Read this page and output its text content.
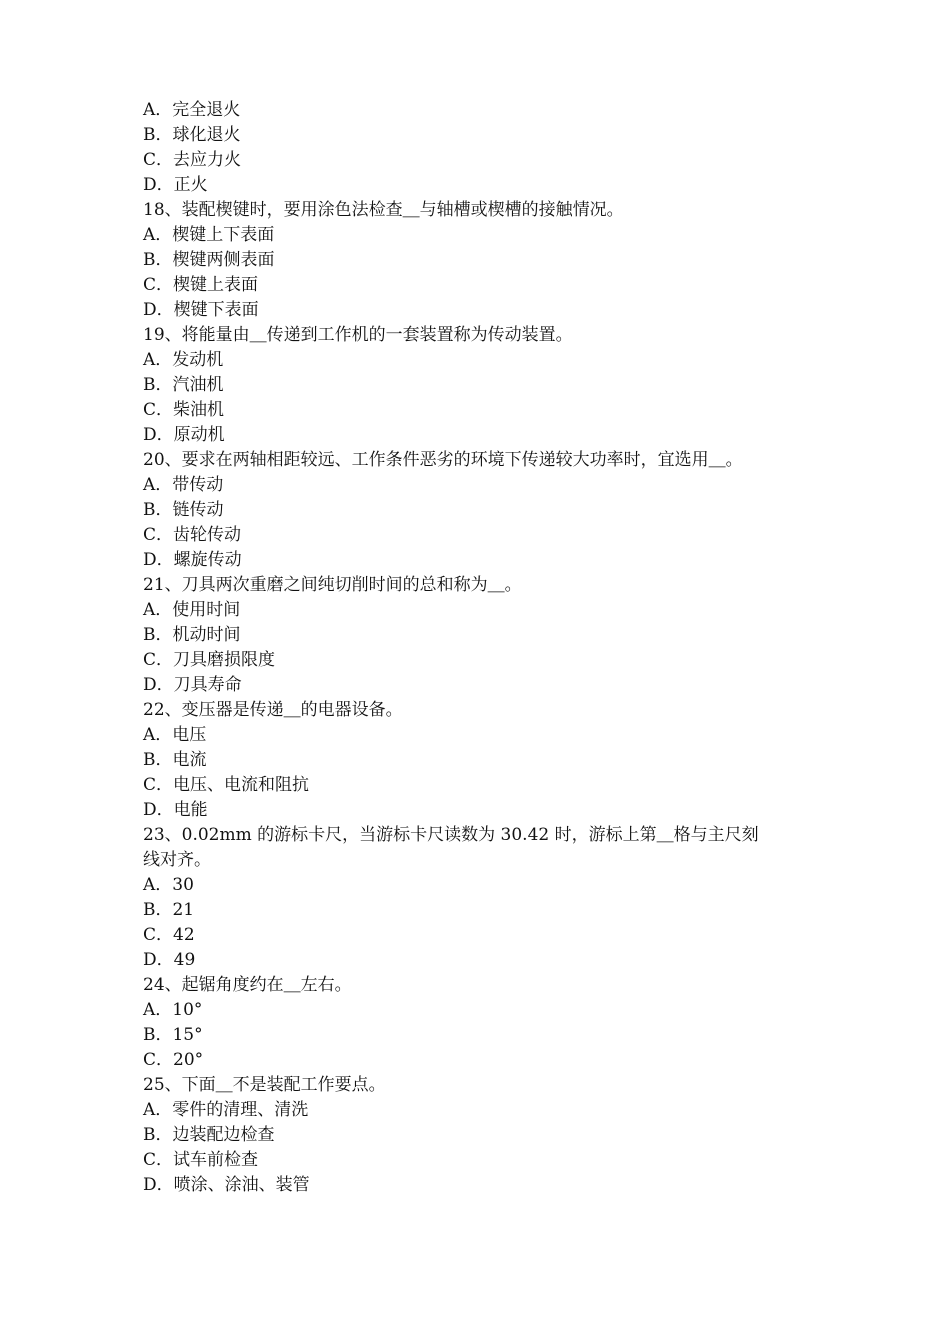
A．完全退火
B．球化退火
C．去应力火
D．正火
18、装配楔键时，要用涂色法检查＿与轴槽或楔槽的接触情况。
A．楔键上下表面
B．楔键两侧表面
C．楔键上表面
D．楔键下表面
19、将能量由＿传递到工作机的一套装置称为传动装置。
A．发动机
B．汽油机
C．柴油机
D．原动机
20、要求在两轴相距较远、工作条件恶劣的环境下传递较大功率时，宜选用＿。
A．带传动
B．链传动
C．齿轮传动
D．螺旋传动
21、刀具两次重磨之间纯切削时间的总和称为＿。
A．使用时间
B．机动时间
C．刀具磨损限度
D．刀具寿命
22、变压器是传递＿的电器设备。
A．电压
B．电流
C．电压、电流和阻抗
D．电能
23、0.02mm 的游标卡尺，当游标卡尺读数为 30.42 时，游标上第＿格与主尺刻
线对齐。
A．30
B．21
C．42
D．49
24、起锯角度约在＿左右。
A．10°
B．15°
C．20°
25、下面＿不是装配工作要点。
A．零件的清理、清洗
B．边装配边检查
C．试车前检查
D．喷涂、涂油、装管
